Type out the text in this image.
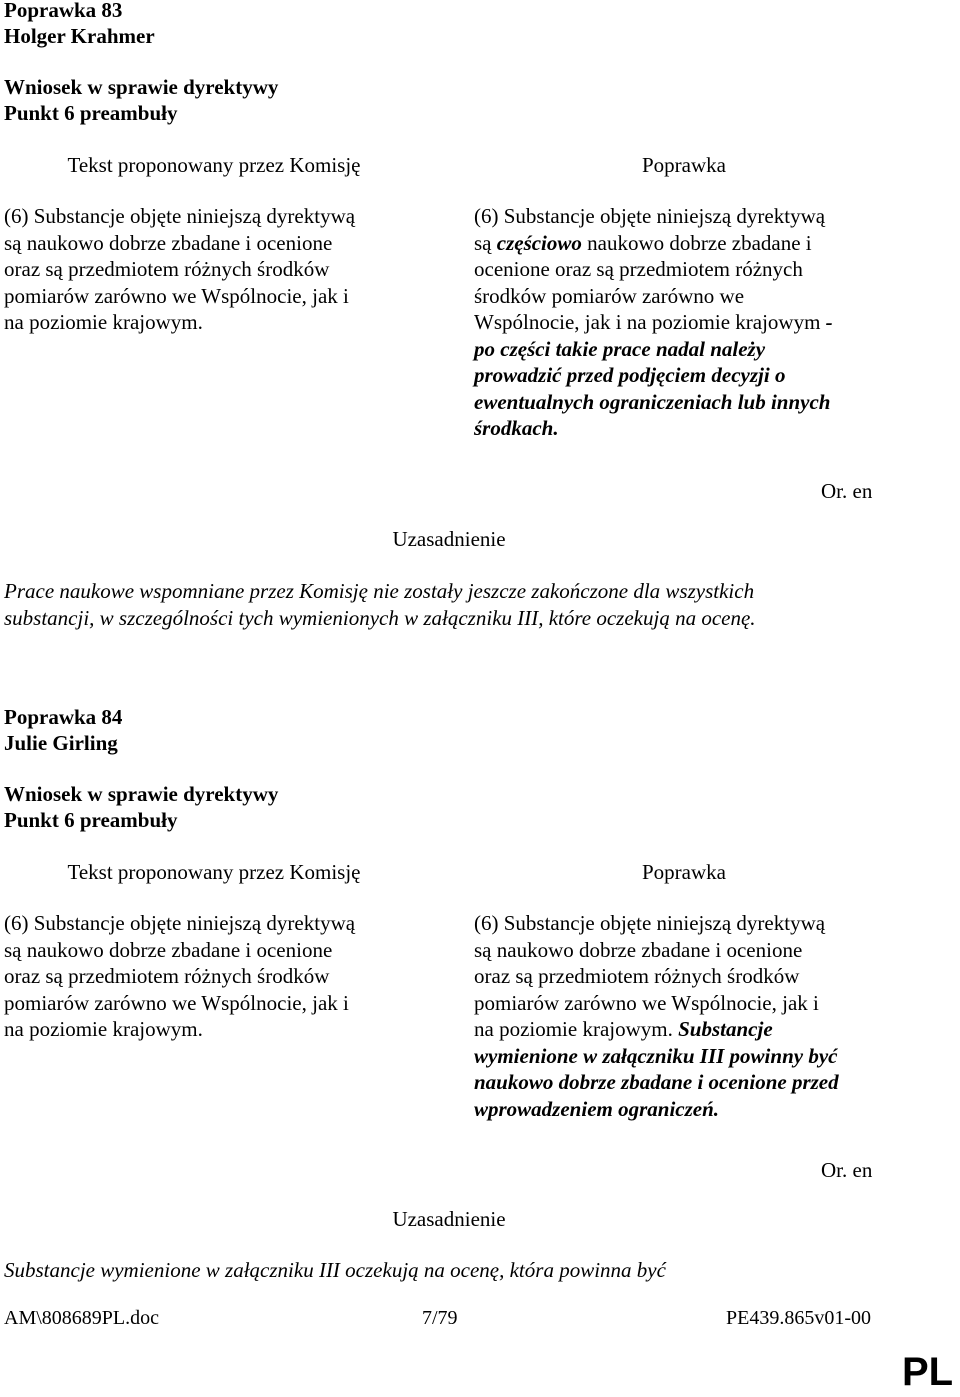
Poprawka 83
Holger Krahmer
Wniosek w sprawie dyrektywy
Punkt 6 preambuły
Tekst proponowany przez Komisję	Poprawka
(6) Substancje objęte niniejszą dyrektywą
są naukowo dobrze zbadane i ocenione
oraz są przedmiotem różnych środków
pomiarów zarówno we Wspólnocie, jak i
na poziomie krajowym.
(6) Substancje objęte niniejszą dyrektywą
są częściowo naukowo dobrze zbadane i
ocenione oraz są przedmiotem różnych
środków pomiarów zarówno we
Wspólnocie, jak i na poziomie krajowym -
po części takie prace nadal należy
prowadzić przed podjęciem decyzji o
ewentualnych ograniczeniach lub innych
środkach.
Or. en
Uzasadnienie
Prace naukowe wspomniane przez Komisję nie zostały jeszcze zakończone dla wszystkich
substancji, w szczególności tych wymienionych w załączniku III, które oczekują na ocenę.
Poprawka 84
Julie Girling
Wniosek w sprawie dyrektywy
Punkt 6 preambuły
Tekst proponowany przez Komisję	Poprawka
(6) Substancje objęte niniejszą dyrektywą
są naukowo dobrze zbadane i ocenione
oraz są przedmiotem różnych środków
pomiarów zarówno we Wspólnocie, jak i
na poziomie krajowym.
(6) Substancje objęte niniejszą dyrektywą
są naukowo dobrze zbadane i ocenione
oraz są przedmiotem różnych środków
pomiarów zarówno we Wspólnocie, jak i
na poziomie krajowym. Substancje
wymienione w załączniku III powinny być
naukowo dobrze zbadane i ocenione przed
wprowadzeniem ograniczeń.
Or. en
Uzasadnienie
Substancje wymienione w załączniku III oczekują na ocenę, która powinna być
AM\808689PL.doc	7/79	PE439.865v01-00
PL
